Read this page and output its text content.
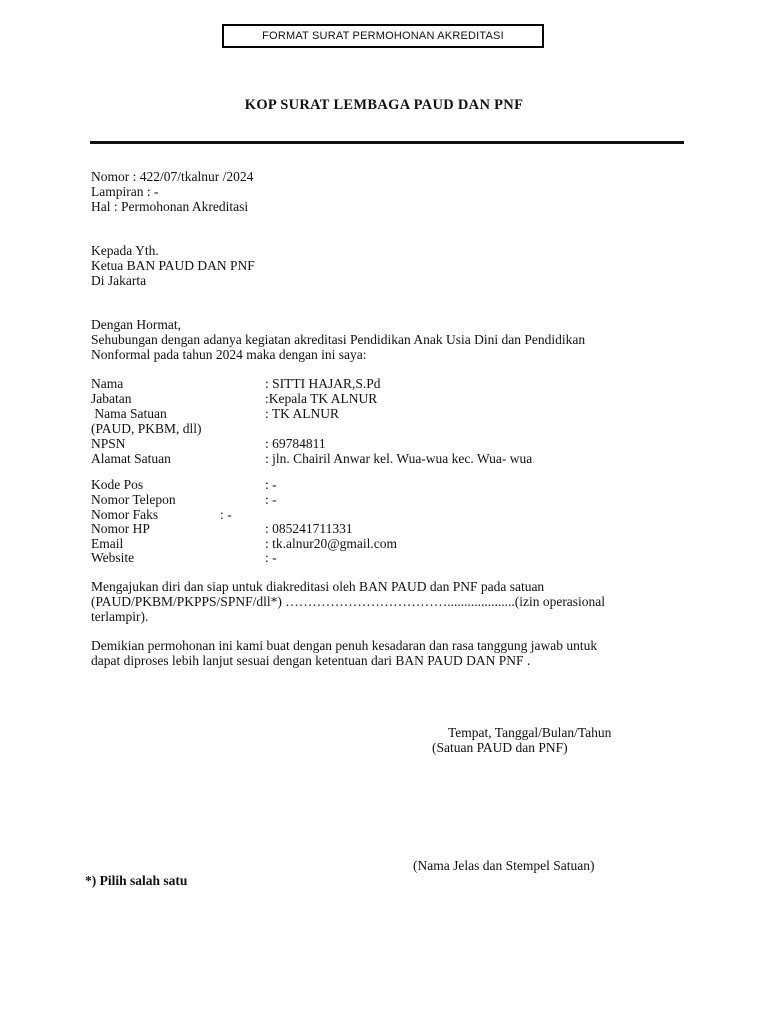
FORMAT SURAT PERMOHONAN AKREDITASI
KOP SURAT LEMBAGA PAUD DAN PNF
Nomor : 422/07/tkalnur /2024
Lampiran : -
Hal : Permohonan Akreditasi
Kepada Yth.
Ketua BAN PAUD DAN PNF
Di Jakarta
Dengan Hormat,
Sehubungan dengan adanya kegiatan akreditasi Pendidikan Anak Usia Dini dan Pendidikan
Nonformal pada tahun 2024 maka dengan ini saya:
Nama	: SITTI HAJAR,S.Pd
Jabatan	:Kepala TK ALNUR
Nama Satuan	: TK ALNUR
(PAUD, PKBM, dll)
NPSN	: 69784811
Alamat Satuan	: jln. Chairil Anwar kel. Wua-wua kec. Wua- wua
Kode Pos	: -
Nomor Telepon	: -
Nomor Faks	: -
Nomor HP	: 085241711331
Email	: tk.alnur20@gmail.com
Website	: -
Mengajukan diri dan siap untuk diakreditasi oleh BAN PAUD dan PNF pada satuan
(PAUD/PKBM/PKPPS/SPNF/dll*) ………………………………....................(izin operasional
terlampir).
Demikian permohonan ini kami buat dengan penuh kesadaran dan rasa tanggung jawab untuk
dapat diproses lebih lanjut sesuai dengan ketentuan dari BAN PAUD DAN PNF .
Tempat, Tanggal/Bulan/Tahun
(Satuan PAUD dan PNF)
(Nama Jelas dan Stempel Satuan)
*) Pilih salah satu
